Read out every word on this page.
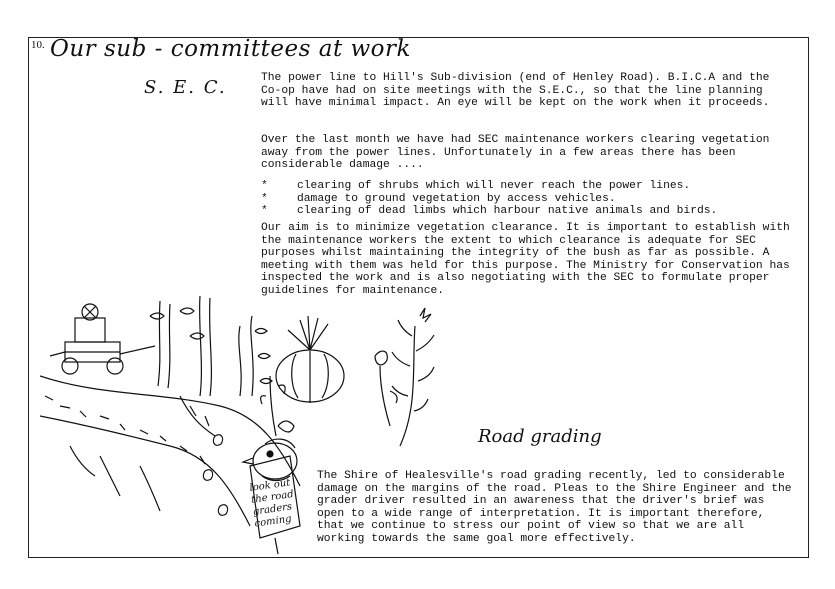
10. Our sub - committees at work
S. E. C.	The power line to Hill's Sub-division (end of Henley Road). B.I.C.A and the Co-op have had on site meetings with the S.E.C., so that the line planning will have minimal impact. An eye will be kept on the work when it proceeds.

Over the last month we have had SEC maintenance workers clearing vegetation away from the power lines. Unfortunately in a few areas there has been considerable damage ....

*	clearing of shrubs which will never reach the power lines.
*	damage to ground vegetation by access vehicles.
*	clearing of dead limbs which harbour native animals and birds.

Our aim is to minimize vegetation clearance. It is important to establish with the maintenance workers the extent to which clearance is adequate for SEC purposes whilst maintaining the integrity of the bush as far as possible. A meeting with them was held for this purpose. The Ministry for Conservation has inspected the work and is also negotiating with the SEC to formulate proper guidelines for maintenance.

look out the road graders coming
Road grading

The Shire of Healesville's road grading recently, led to considerable damage on the margins of the road. Pleas to the Shire Engineer and the grader driver resulted in an awareness that the driver's brief was open to a wide range of interpretation. It is important therefore, that we continue to stress our point of view so that we are all working towards the same goal more effectively.
